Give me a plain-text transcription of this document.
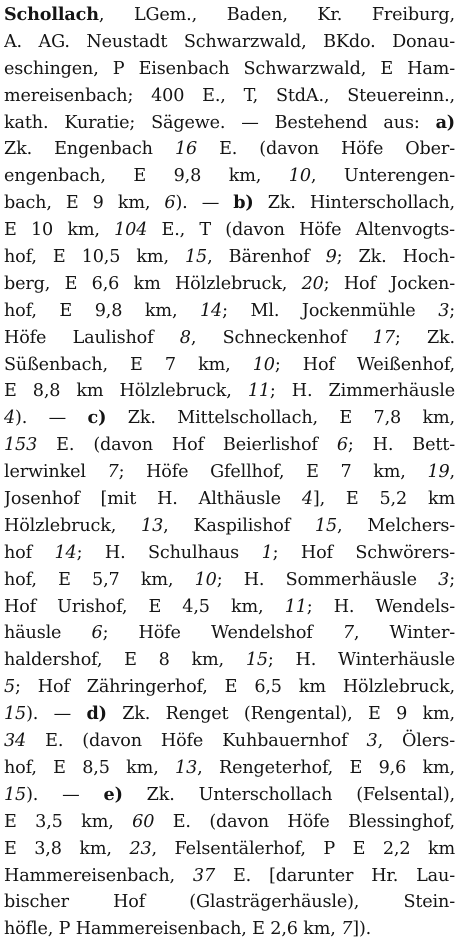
Schollach, LGem., Baden, Kr. Freiburg,
A. AG. Neustadt Schwarzwald, BKdo. Donau-
eschingen, P Eisenbach Schwarzwald, E Ham-
mereisenbach; 400 E., T, StdA., Steuereinn.,
kath. Kuratie; Sägewe. — Bestehend aus: a)
Zk. Engenbach 16 E. (davon Höfe Ober-
engenbach, E 9,8 km, 10, Unterengen-
bach, E 9 km, 6). — b) Zk. Hinterschollach,
E 10 km, 104 E., T (davon Höfe Altenvogts-
hof, E 10,5 km, 15, Bärenhof 9; Zk. Hoch-
berg, E 6,6 km Hölzlebruck, 20; Hof Jocken-
hof, E 9,8 km, 14; Ml. Jockenmühle 3;
Höfe Laulishof 8, Schneckenhof 17; Zk.
Süßenbach, E 7 km, 10; Hof Weißenhof,
E 8,8 km Hölzlebruck, 11; H. Zimmerhäusle
4). — c) Zk. Mittelschollach, E 7,8 km,
153 E. (davon Hof Beierlishof 6; H. Bett-
lerwinkel 7; Höfe Gfellhof, E 7 km, 19,
Josenhof [mit H. Althäusle 4], E 5,2 km
Hölzlebruck, 13, Kaspilishof 15, Melchers-
hof 14; H. Schulhaus 1; Hof Schwörers-
hof, E 5,7 km, 10; H. Sommerhäusle 3;
Hof Urishof, E 4,5 km, 11; H. Wendels-
häusle 6; Höfe Wendelshof 7, Winter-
haldershof, E 8 km, 15; H. Winterhäusle
5; Hof Zähringerhof, E 6,5 km Hölzlebruck,
15). — d) Zk. Renget (Rengental), E 9 km,
34 E. (davon Höfe Kuhbauernhof 3, Ölers-
hof, E 8,5 km, 13, Rengeterhof, E 9,6 km,
15). — e) Zk. Unterschollach (Felsental),
E 3,5 km, 60 E. (davon Höfe Blessinghof,
E 3,8 km, 23, Felsentälerhof, P E 2,2 km
Hammereisenbach, 37 E. [darunter Hr. Lau-
bischer Hof (Glasträgerhäusle), Stein-
höfle, P Hammereisenbach, E 2,6 km, 7]).
